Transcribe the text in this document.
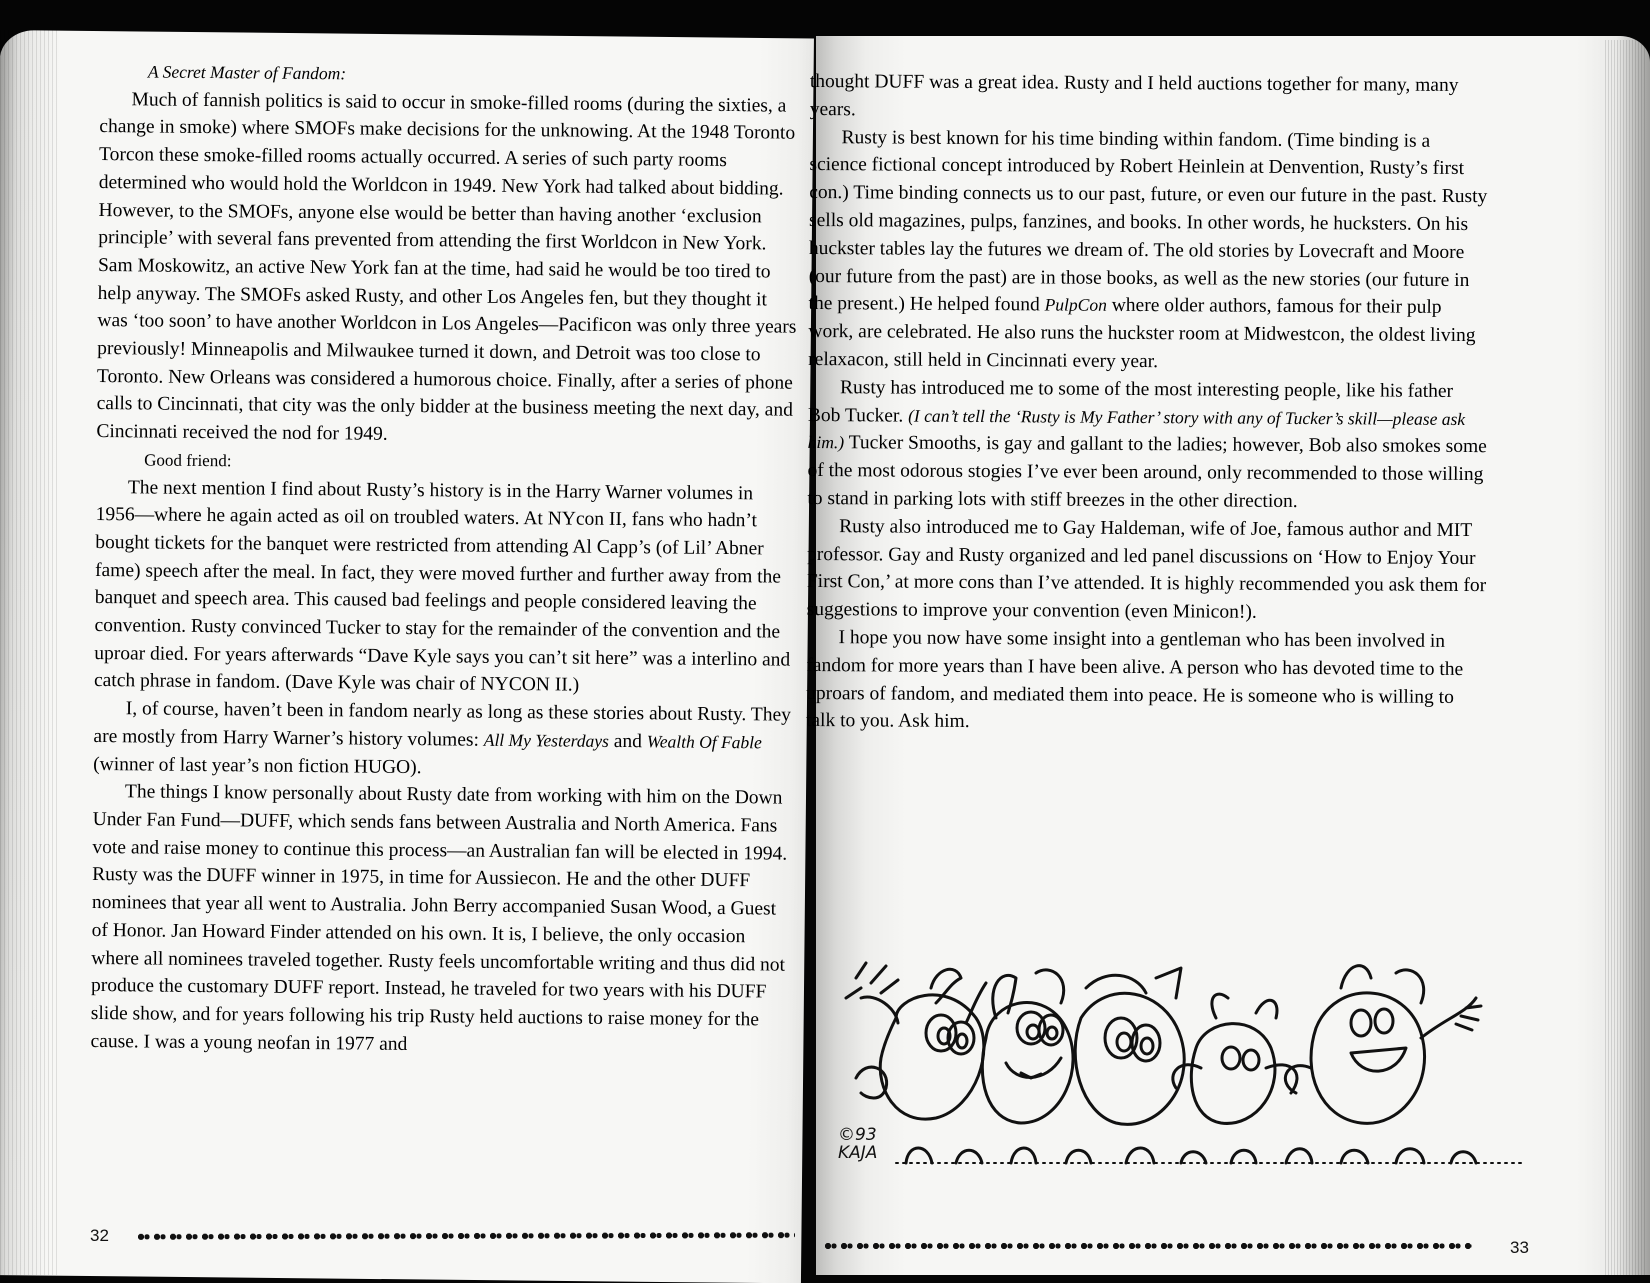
A Secret Master of Fandom:

Much of fannish politics is said to occur in smoke-filled rooms (during the sixties, a change in smoke) where SMOFs make decisions for the unknowing. At the 1948 Toronto Torcon these smoke-filled rooms actually occurred. A series of such party rooms determined who would hold the Worldcon in 1949. New York had talked about bidding. However, to the SMOFs, anyone else would be better than having another ‘exclusion principle’ with several fans prevented from attending the first Worldcon in New York. Sam Moskowitz, an active New York fan at the time, had said he would be too tired to help anyway. The SMOFs asked Rusty, and other Los Angeles fen, but they thought it was ‘too soon’ to have another Worldcon in Los Angeles—Pacificon was only three years previously! Minneapolis and Milwaukee turned it down, and Detroit was too close to Toronto. New Orleans was considered a humorous choice. Finally, after a series of phone calls to Cincinnati, that city was the only bidder at the business meeting the next day, and Cincinnati received the nod for 1949.

Good friend:

The next mention I find about Rusty’s history is in the Harry Warner volumes in 1956—where he again acted as oil on troubled waters. At NYcon II, fans who hadn’t bought tickets for the banquet were restricted from attending Al Capp’s (of Lil’ Abner fame) speech after the meal. In fact, they were moved further and further away from the banquet and speech area. This caused bad feelings and people considered leaving the convention. Rusty convinced Tucker to stay for the remainder of the convention and the uproar died. For years afterwards “Dave Kyle says you can’t sit here” was a interlino and catch phrase in fandom. (Dave Kyle was chair of NYCON II.)

I, of course, haven’t been in fandom nearly as long as these stories about Rusty. They are mostly from Harry Warner’s history volumes: All My Yesterdays and Wealth Of Fable (winner of last year’s non fiction HUGO).

The things I know personally about Rusty date from working with him on the Down Under Fan Fund—DUFF, which sends fans between Australia and North America. Fans vote and raise money to continue this process—an Australian fan will be elected in 1994. Rusty was the DUFF winner in 1975, in time for Aussiecon. He and the other DUFF nominees that year all went to Australia. John Berry accompanied Susan Wood, a Guest of Honor. Jan Howard Finder attended on his own. It is, I believe, the only occasion where all nominees traveled together. Rusty feels uncomfortable writing and thus did not produce the customary DUFF report. Instead, he traveled for two years with his DUFF slide show, and for years following his trip Rusty held auctions to raise money for the cause. I was a young neofan in 1977 and

32

thought DUFF was a great idea. Rusty and I held auctions together for many, many years.

Rusty is best known for his time binding within fandom. (Time binding is a science fictional concept introduced by Robert Heinlein at Denvention, Rusty’s first con.) Time binding connects us to our past, future, or even our future in the past. Rusty sells old magazines, pulps, fanzines, and books. In other words, he hucksters. On his huckster tables lay the futures we dream of. The old stories by Lovecraft and Moore (our future from the past) are in those books, as well as the new stories (our future in the present.) He helped found PulpCon where older authors, famous for their pulp work, are celebrated. He also runs the huckster room at Midwestcon, the oldest living relaxacon, still held in Cincinnati every year.

Rusty has introduced me to some of the most interesting people, like his father Bob Tucker. (I can’t tell the ‘Rusty is My Father’ story with any of Tucker’s skill—please ask him.) Tucker Smooths, is gay and gallant to the ladies; however, Bob also smokes some of the most odorous stogies I’ve ever been around, only recommended to those willing to stand in parking lots with stiff breezes in the other direction.

Rusty also introduced me to Gay Haldeman, wife of Joe, famous author and MIT professor. Gay and Rusty organized and led panel discussions on ‘How to Enjoy Your First Con,’ at more cons than I’ve attended. It is highly recommended you ask them for suggestions to improve your convention (even Minicon!).

I hope you now have some insight into a gentleman who has been involved in fandom for more years than I have been alive. A person who has devoted time to the uproars of fandom, and mediated them into peace. He is someone who is willing to talk to you. Ask him.

©93
KAJA
33
